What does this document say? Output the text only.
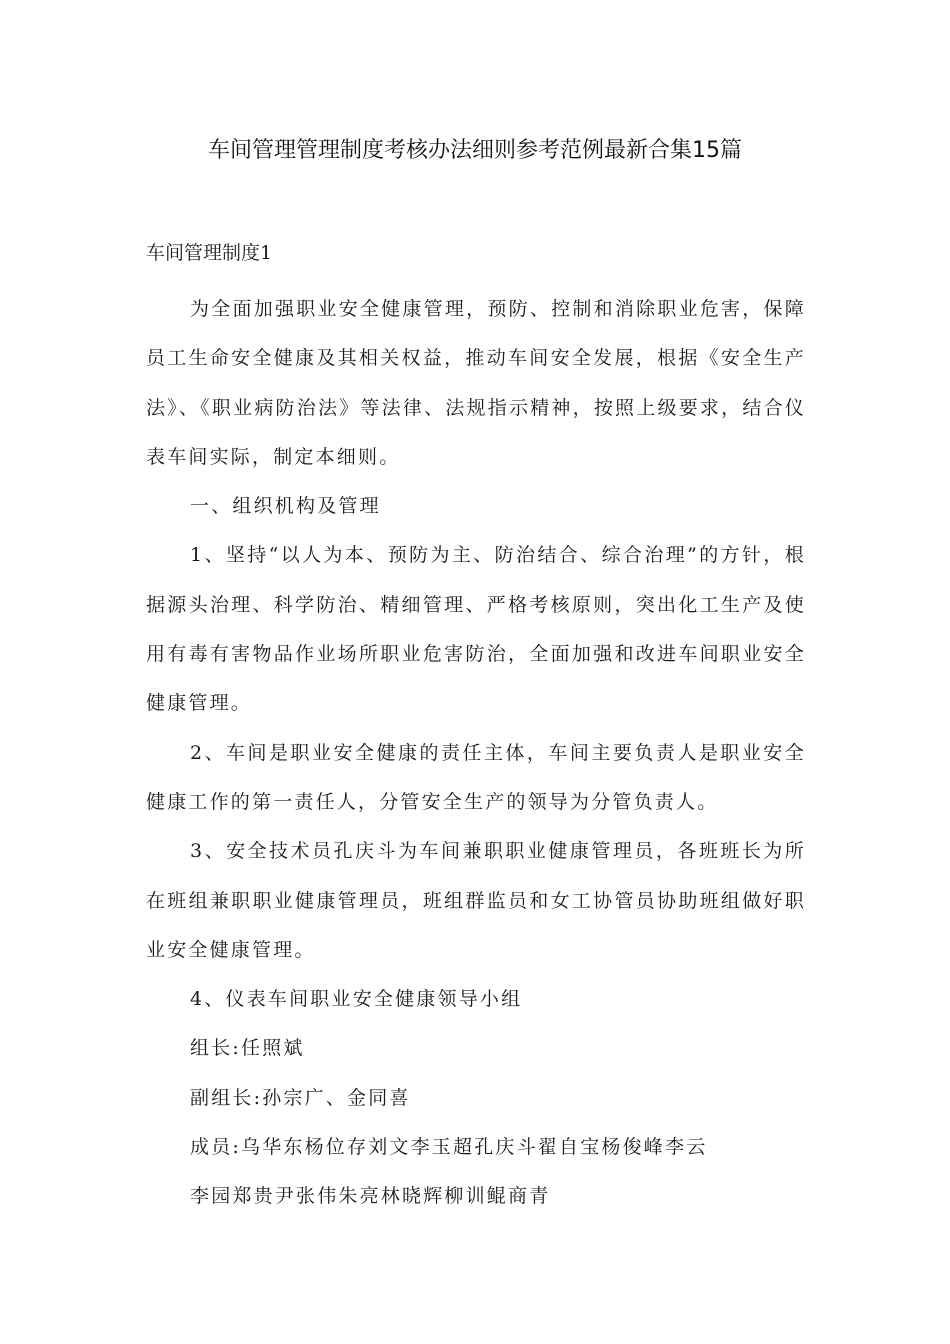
车间管理管理制度考核办法细则参考范例最新合集15篇
车间管理制度1

为全面加强职业安全健康管理，预防、控制和消除职业危害，保障员工生命安全健康及其相关权益，推动车间安全发展，根据《安全生产法》、《职业病防治法》等法律、法规指示精神，按照上级要求，结合仪表车间实际，制定本细则。

一、组织机构及管理

1、坚持“以人为本、预防为主、防治结合、综合治理”的方针，根据源头治理、科学防治、精细管理、严格考核原则，突出化工生产及使用有毒有害物品作业场所职业危害防治，全面加强和改进车间职业安全健康管理。

2、车间是职业安全健康的责任主体，车间主要负责人是职业安全健康工作的第一责任人，分管安全生产的领导为分管负责人。

3、安全技术员孔庆斗为车间兼职职业健康管理员，各班班长为所在班组兼职职业健康管理员，班组群监员和女工协管员协助班组做好职业安全健康管理。

4、仪表车间职业安全健康领导小组

组长:任照斌

副组长:孙宗广、金同喜

成员:乌华东杨位存刘文李玉超孔庆斗翟自宝杨俊峰李云

李园郑贵尹张伟朱亮林晓辉柳训鲲商青
